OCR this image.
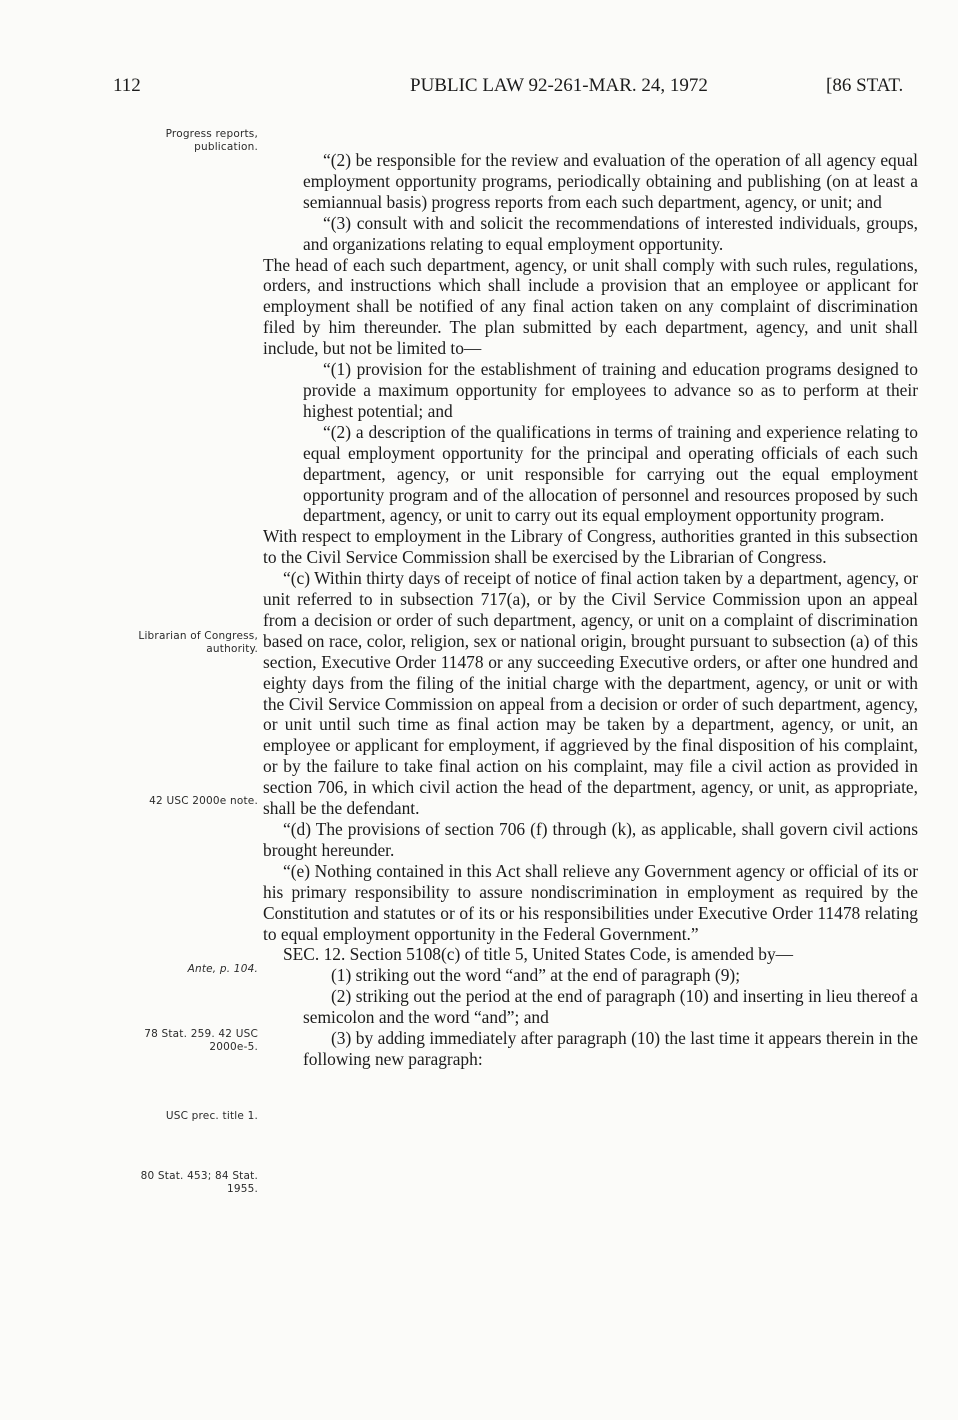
112	PUBLIC LAW 92-261-MAR. 24, 1972	[86 STAT.
Progress reports, publication.
Librarian of Congress, authority.
42 USC 2000e note.
Ante, p. 104.
78 Stat. 259. 42 USC 2000e-5.
USC prec. title 1.
80 Stat. 453; 84 Stat. 1955.

“(2) be responsible for the review and evaluation of the operation of all agency equal employment opportunity programs, periodically obtaining and publishing (on at least a semiannual basis) progress reports from each such department, agency, or unit; and

“(3) consult with and solicit the recommendations of interested individuals, groups, and organizations relating to equal employment opportunity.

The head of each such department, agency, or unit shall comply with such rules, regulations, orders, and instructions which shall include a provision that an employee or applicant for employment shall be notified of any final action taken on any complaint of discrimination filed by him thereunder. The plan submitted by each department, agency, and unit shall include, but not be limited to—

“(1) provision for the establishment of training and education programs designed to provide a maximum opportunity for employees to advance so as to perform at their highest potential; and

“(2) a description of the qualifications in terms of training and experience relating to equal employment opportunity for the principal and operating officials of each such department, agency, or unit responsible for carrying out the equal employment opportunity program and of the allocation of personnel and resources proposed by such department, agency, or unit to carry out its equal employment opportunity program.

With respect to employment in the Library of Congress, authorities granted in this subsection to the Civil Service Commission shall be exercised by the Librarian of Congress.

“(c) Within thirty days of receipt of notice of final action taken by a department, agency, or unit referred to in subsection 717(a), or by the Civil Service Commission upon an appeal from a decision or order of such department, agency, or unit on a complaint of discrimination based on race, color, religion, sex or national origin, brought pursuant to subsection (a) of this section, Executive Order 11478 or any succeeding Executive orders, or after one hundred and eighty days from the filing of the initial charge with the department, agency, or unit or with the Civil Service Commission on appeal from a decision or order of such department, agency, or unit until such time as final action may be taken by a department, agency, or unit, an employee or applicant for employment, if aggrieved by the final disposition of his complaint, or by the failure to take final action on his complaint, may file a civil action as provided in section 706, in which civil action the head of the department, agency, or unit, as appropriate, shall be the defendant.

“(d) The provisions of section 706 (f) through (k), as applicable, shall govern civil actions brought hereunder.

“(e) Nothing contained in this Act shall relieve any Government agency or official of its or his primary responsibility to assure nondiscrimination in employment as required by the Constitution and statutes or of its or his responsibilities under Executive Order 11478 relating to equal employment opportunity in the Federal Government.”

SEC. 12. Section 5108(c) of title 5, United States Code, is amended by—

(1) striking out the word “and” at the end of paragraph (9);

(2) striking out the period at the end of paragraph (10) and inserting in lieu thereof a semicolon and the word “and”; and

(3) by adding immediately after paragraph (10) the last time it appears therein in the following new paragraph:
